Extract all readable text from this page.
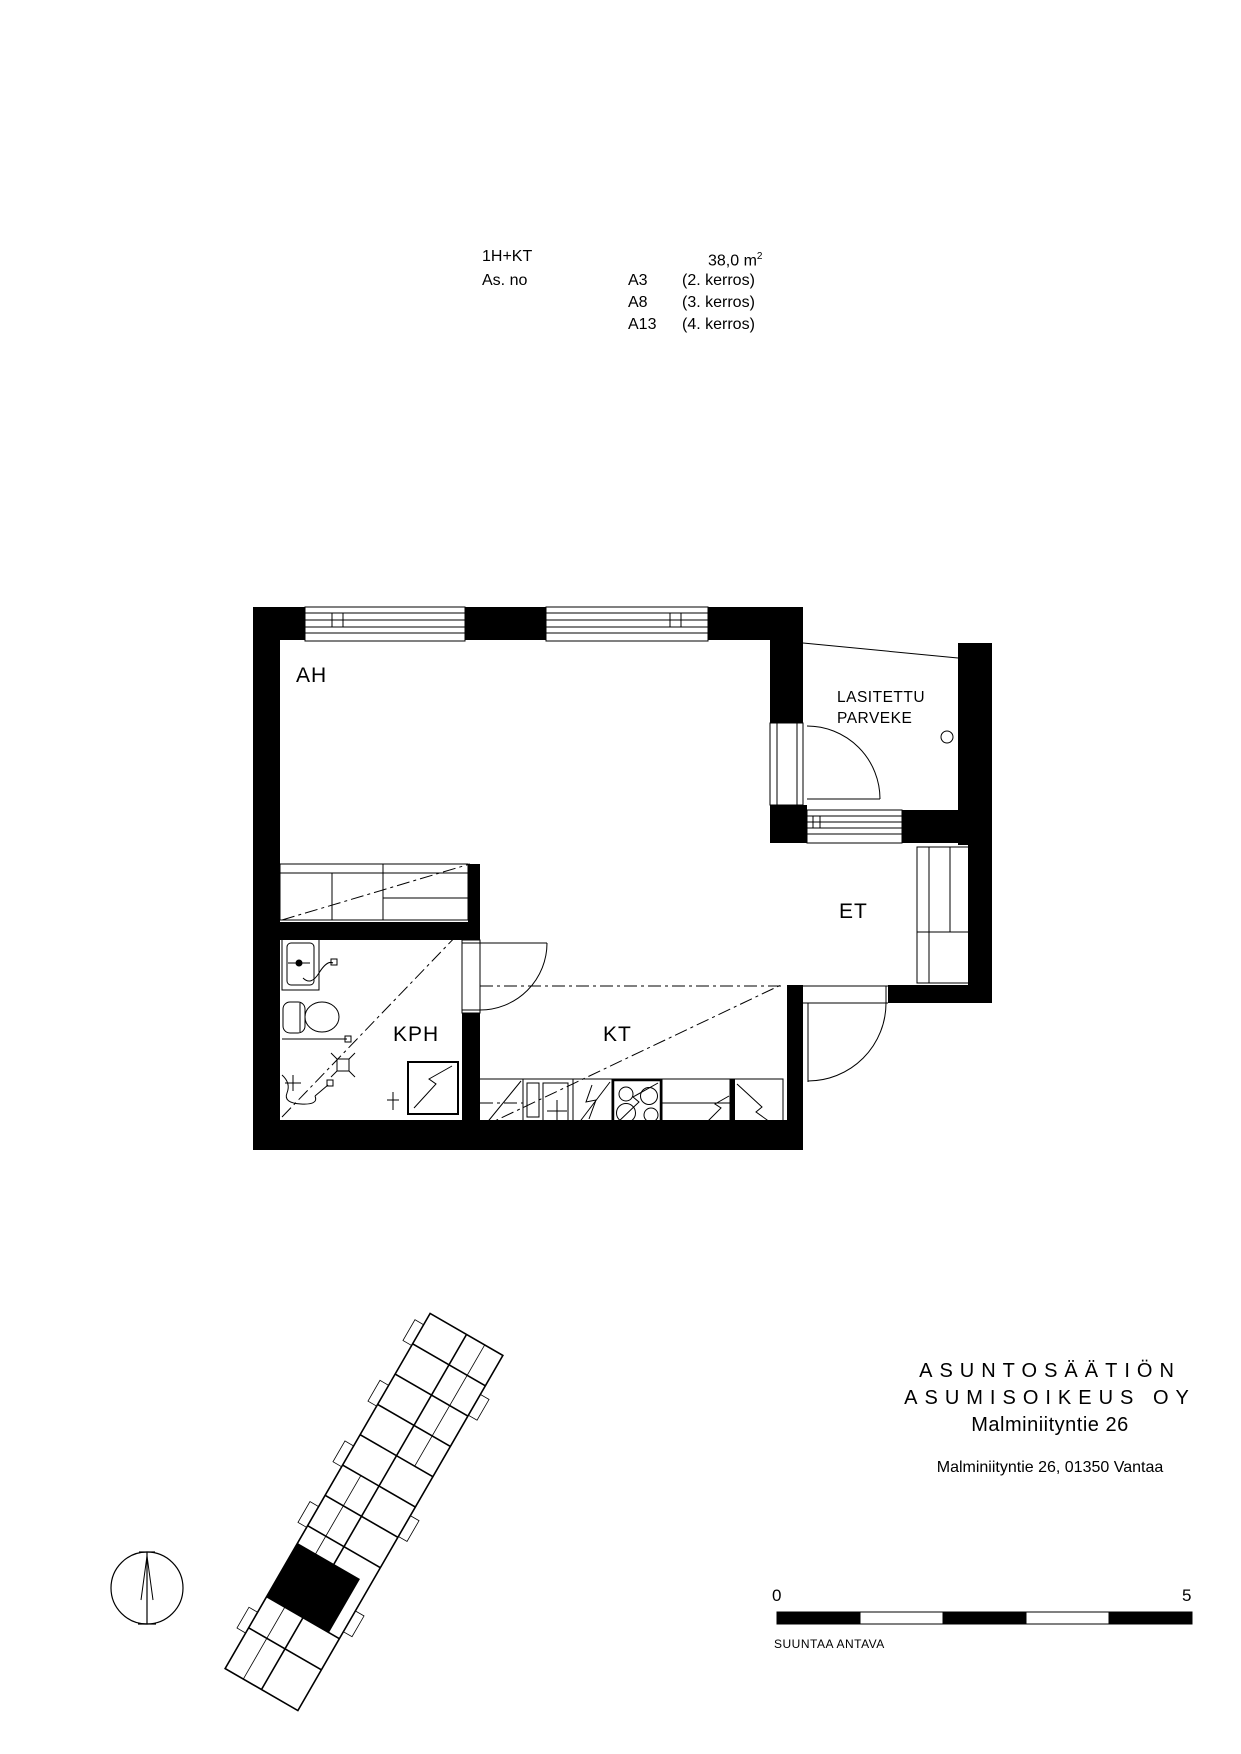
1H+KT
As. no
38,0 $m^2$
A3 (2. kerros)
A8 (3. kerros)
A13 (4. kerros)
AH
LASITETTU
PARVEKE
ET
KPH	KT
ASUNTOSÄÄTIÖN
ASUMISOIKEUS OY
Malminiityntie 26
Malminiityntie 26, 01350 Vantaa
0	5
SUUNTAA ANTAVA
